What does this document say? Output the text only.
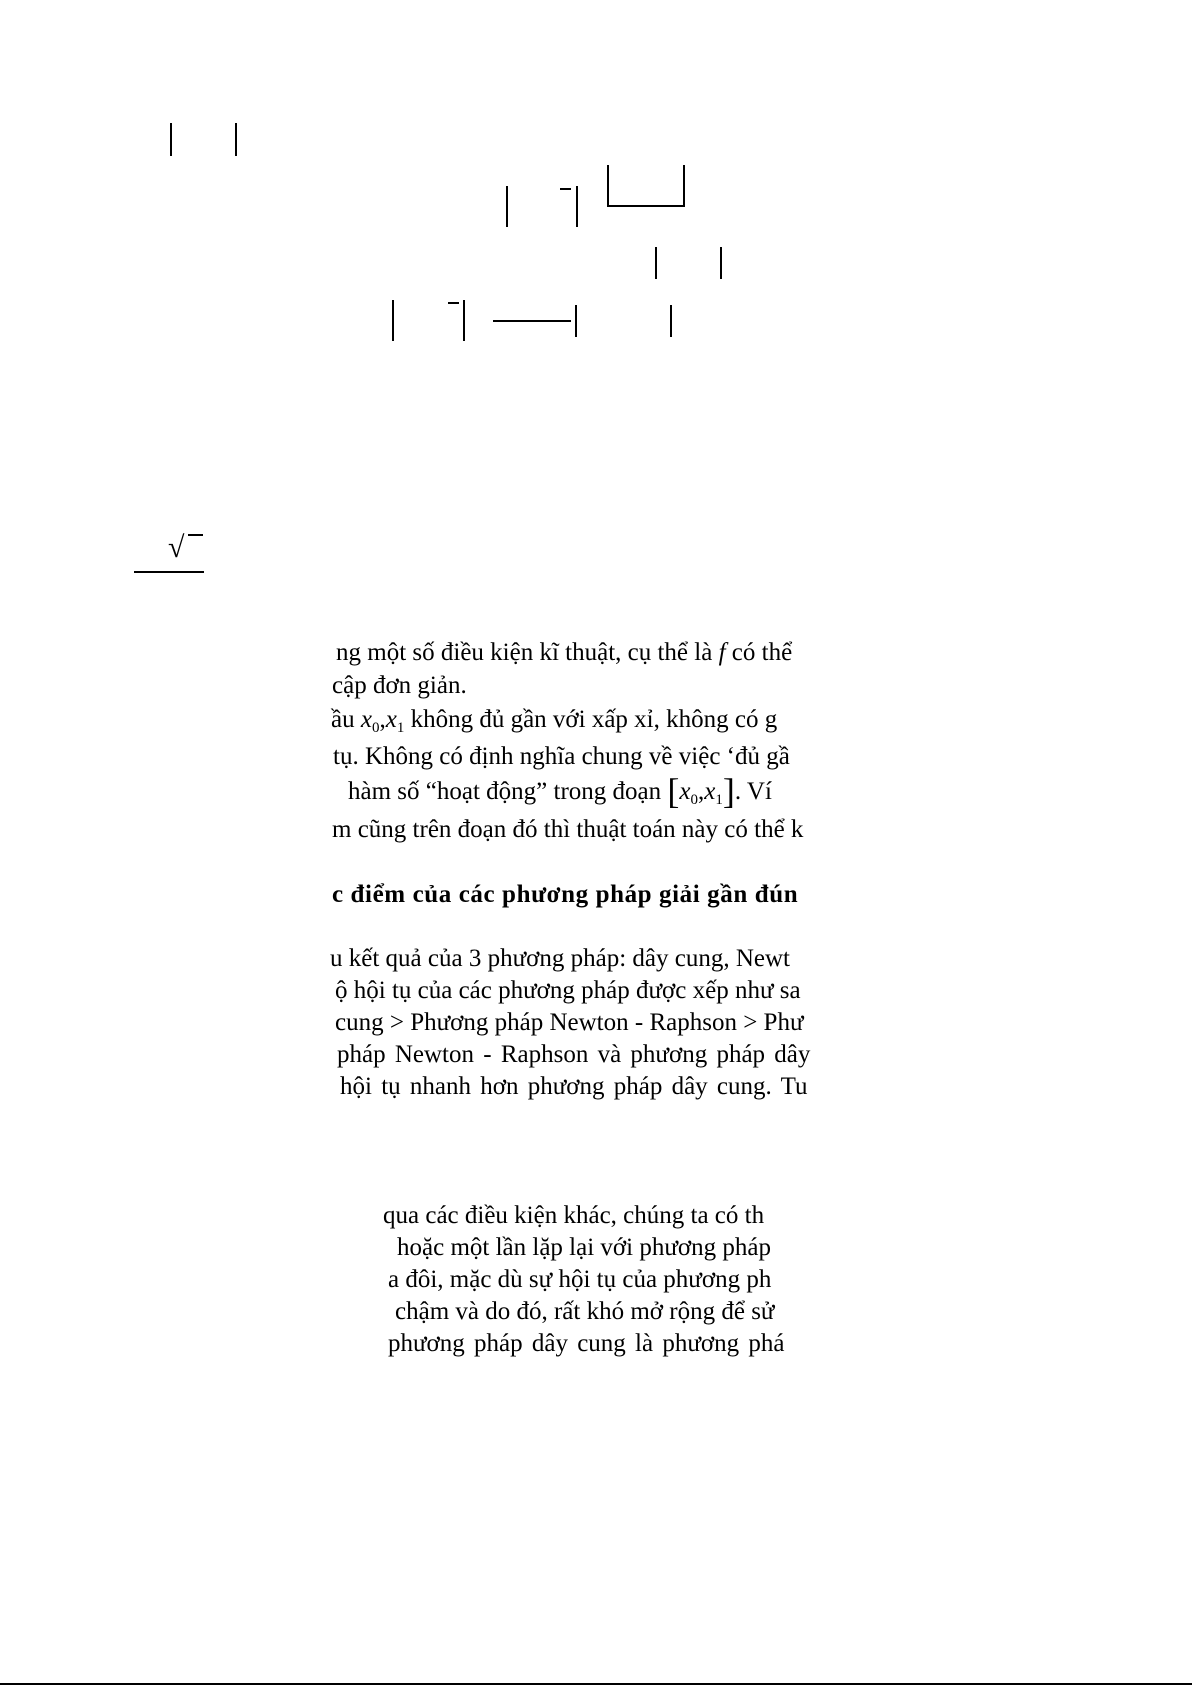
√
ng một số điều kiện kĩ thuật, cụ thể là f có thể
cập đơn giản.
ầu $x_0,x_1$ không đủ gần với xấp xỉ, không có g
tụ. Không có định nghĩa chung về việc ‘đủ gầ
hàm số “hoạt động” trong đoạn $[x_0,x_1]$. Ví
m cũng trên đoạn đó thì thuật toán này có thể k
c điểm của các phương pháp giải gần đún
u kết quả của 3 phương pháp: dây cung, Newt
ộ hội tụ của các phương pháp được xếp như sa
cung > Phương pháp Newton - Raphson > Phư
pháp Newton - Raphson và phương pháp dây
hội tụ nhanh hơn phương pháp dây cung. Tu
qua các điều kiện khác, chúng ta có th
hoặc một lần lặp lại với phương pháp
a đôi, mặc dù sự hội tụ của phương ph
chậm và do đó, rất khó mở rộng để sử
phương pháp dây cung là phương phá
